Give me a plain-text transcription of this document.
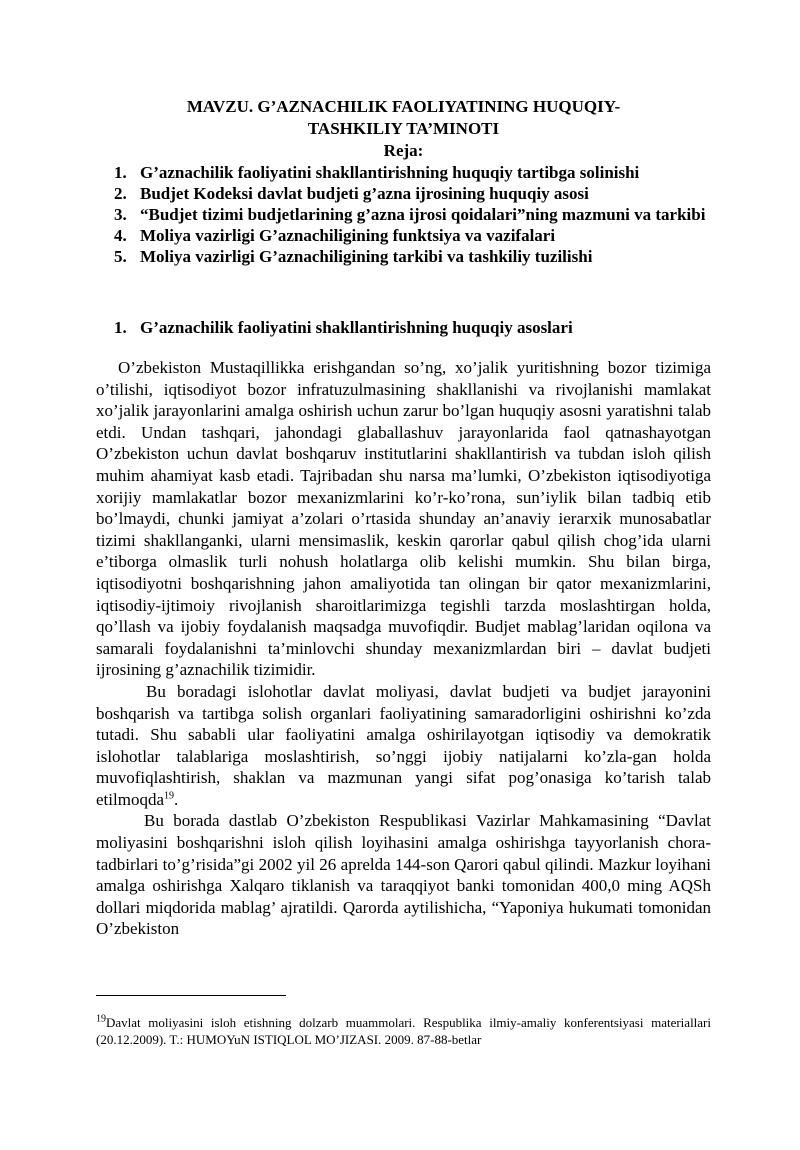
MAVZU. G’AZNACHILIK FAOLIYATINING HUQUQIY-

TASHKILIY TA’MINOTI

Reja:

1. G’aznachilik faoliyatini shakllantirishning huquqiy tartibga solinishi
2. Budjet Kodeksi davlat budjeti g’azna ijrosining huquqiy asosi
3. “Budjet tizimi budjetlarining g’azna ijrosi qoidalari”ning mazmuni va tarkibi
4. Moliya vazirligi G’aznachiligining funktsiya va vazifalari
5. Moliya vazirligi G’aznachiligining tarkibi va tashkiliy tuzilishi
1. G’aznachilik faoliyatini shakllantirishning huquqiy asoslari

O’zbekiston Mustaqillikka erishgandan so’ng, xo’jalik yuritishning bozor tizimiga o’tilishi, iqtisodiyot bozor infratuzulmasining shakllanishi va rivojlanishi mamlakat xo’jalik jarayonlarini amalga oshirish uchun zarur bo’lgan huquqiy asosni yaratishni talab etdi. Undan tashqari, jahondagi glaballashuv jarayonlarida faol qatnashayotgan O’zbekiston uchun davlat boshqaruv institutlarini shakllantirish va tubdan isloh qilish muhim ahamiyat kasb etadi. Tajribadan shu narsa ma’lumki, O’zbekiston iqtisodiyotiga xorijiy mamlakatlar bozor mexanizmlarini ko’r-ko’rona, sun’iylik bilan tadbiq etib bo’lmaydi, chunki jamiyat a’zolari o’rtasida shunday an’anaviy ierarxik munosabatlar tizimi shakllanganki, ularni mensimaslik, keskin qarorlar qabul qilish chog’ida ularni e’tiborga olmaslik turli nohush holatlarga olib kelishi mumkin. Shu bilan birga, iqtisodiyotni boshqarishning jahon amaliyotida tan olingan bir qator mexanizmlarini, iqtisodiy-ijtimoiy rivojlanish sharoitlarimizga tegishli tarzda moslashtirgan holda, qo’llash va ijobiy foydalanish maqsadga muvofiqdir. Budjet mablag’laridan oqilona va samarali foydalanishni ta’minlovchi shunday mexanizmlardan biri – davlat budjeti ijrosining g’aznachilik tizimidir.

Bu boradagi islohotlar davlat moliyasi, davlat budjeti va budjet jarayonini boshqarish va tartibga solish organlari faoliyatining samaradorligini oshirishni ko’zda tutadi. Shu sababli ular faoliyatini amalga oshirilayotgan iqtisodiy va demokratik islohotlar talablariga moslashtirish, so’nggi ijobiy natijalarni ko’zla-gan holda muvofiqlashtirish, shaklan va mazmunan yangi sifat pog’onasiga ko’tarish talab etilmoqda$^{19}$.

Bu borada dastlab O’zbekiston Respublikasi Vazirlar Mahkamasining “Davlat moliyasini boshqarishni isloh qilish loyihasini amalga oshirishga tayyorlanish chora-tadbirlari to’g’risida”gi 2002 yil 26 aprelda 144-son Qarori qabul qilindi. Mazkur loyihani amalga oshirishga Xalqaro tiklanish va taraqqiyot banki tomonidan 400,0 ming AQSh dollari miqdorida mablag’ ajratildi. Qarorda aytilishicha, “Yaponiya hukumati tomonidan O’zbekiston

$^{19}$Davlat moliyasini isloh etishning dolzarb muammolari. Respublika ilmiy-amaliy konferentsiyasi materiallari (20.12.2009). T.: HUMOYuN ISTIQLOL MO’JIZASI. 2009. 87-88-betlar
